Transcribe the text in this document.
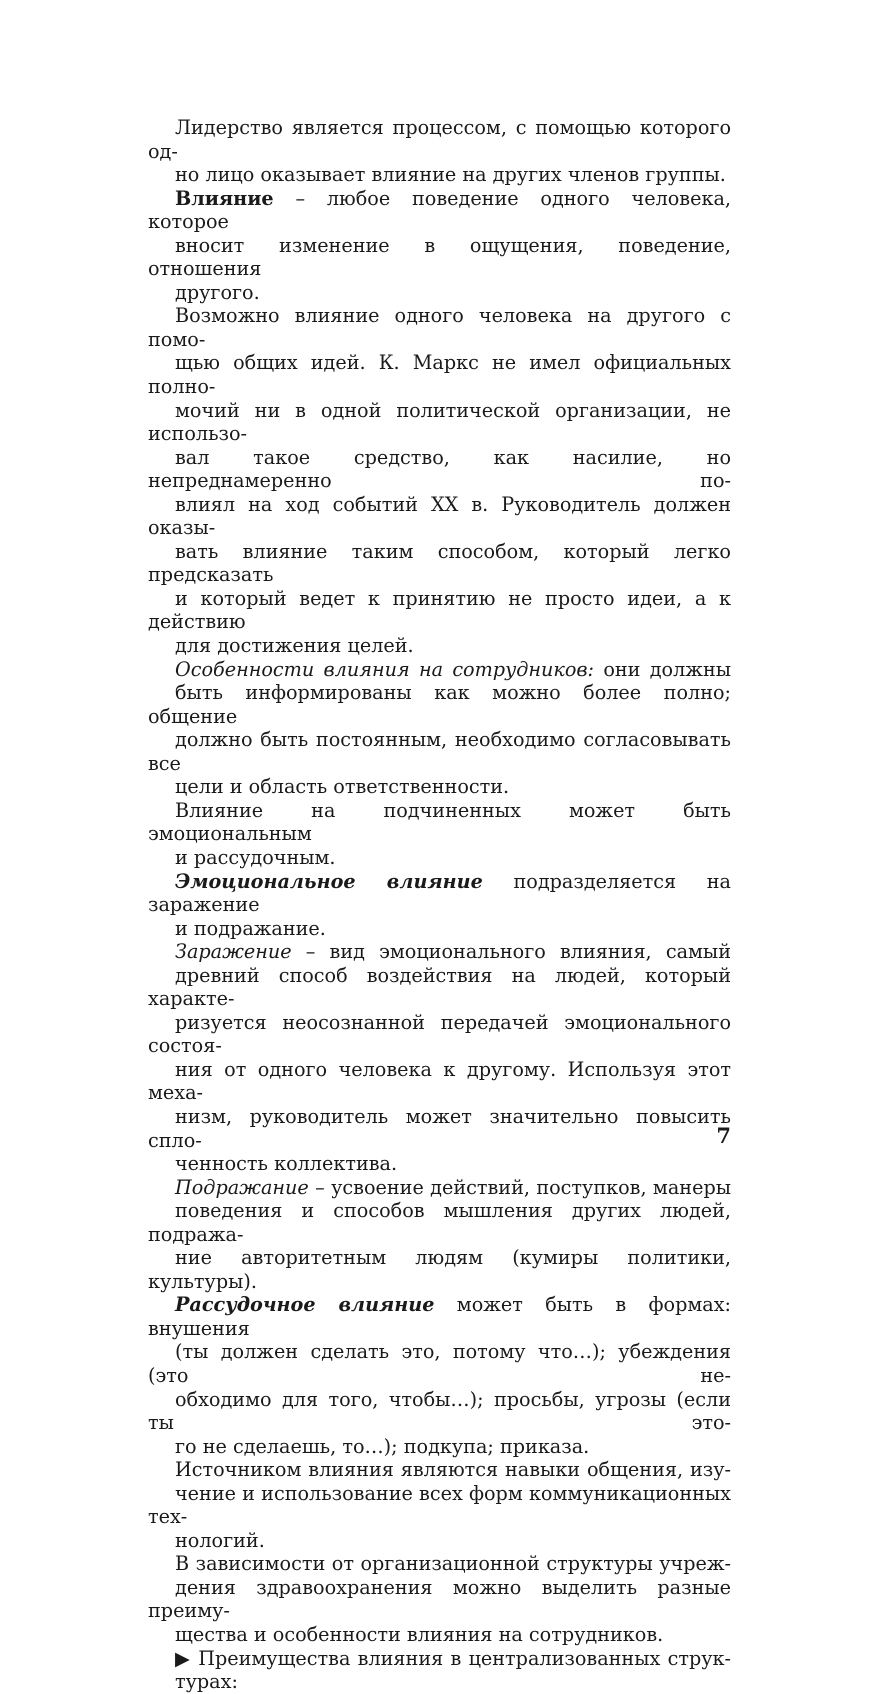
Лидерство является процессом, с помощью которого од-
но лицо оказывает влияние на других членов группы.

Влияние – любое поведение одного человека, которое
вносит изменение в ощущения, поведение, отношения
другого.

Возможно влияние одного человека на другого с помо-
щью общих идей. К. Маркс не имел официальных полно-
мочий ни в одной политической организации, не использо-
вал такое средство, как насилие, но непреднамеренно по-
влиял на ход событий XX в. Руководитель должен оказы-
вать влияние таким способом, который легко предсказать
и который ведет к принятию не просто идеи, а к действию
для достижения целей.

Особенности влияния на сотрудников: они должны
быть информированы как можно более полно; общение
должно быть постоянным, необходимо согласовывать все
цели и область ответственности.

Влияние на подчиненных может быть эмоциональным
и рассудочным.

Эмоциональное влияние подразделяется на заражение
и подражание.

Заражение – вид эмоционального влияния, самый
древний способ воздействия на людей, который характе-
ризуется неосознанной передачей эмоционального состоя-
ния от одного человека к другому. Используя этот меха-
низм, руководитель может значительно повысить спло-
ченность коллектива.

Подражание – усвоение действий, поступков, манеры
поведения и способов мышления других людей, подража-
ние авторитетным людям (кумиры политики, культуры).

Рассудочное влияние может быть в формах: внушения
(ты должен сделать это, потому что…); убеждения (это не-
обходимо для того, чтобы…); просьбы, угрозы (если ты это-
го не сделаешь, то…); подкупа; приказа.

Источником влияния являются навыки общения, изу-
чение и использование всех форм коммуникационных тех-
нологий.

В зависимости от организационной структуры учреж-
дения здравоохранения можно выделить разные преиму-
щества и особенности влияния на сотрудников.

▶ Преимущества влияния в централизованных струк-
турах:

7
